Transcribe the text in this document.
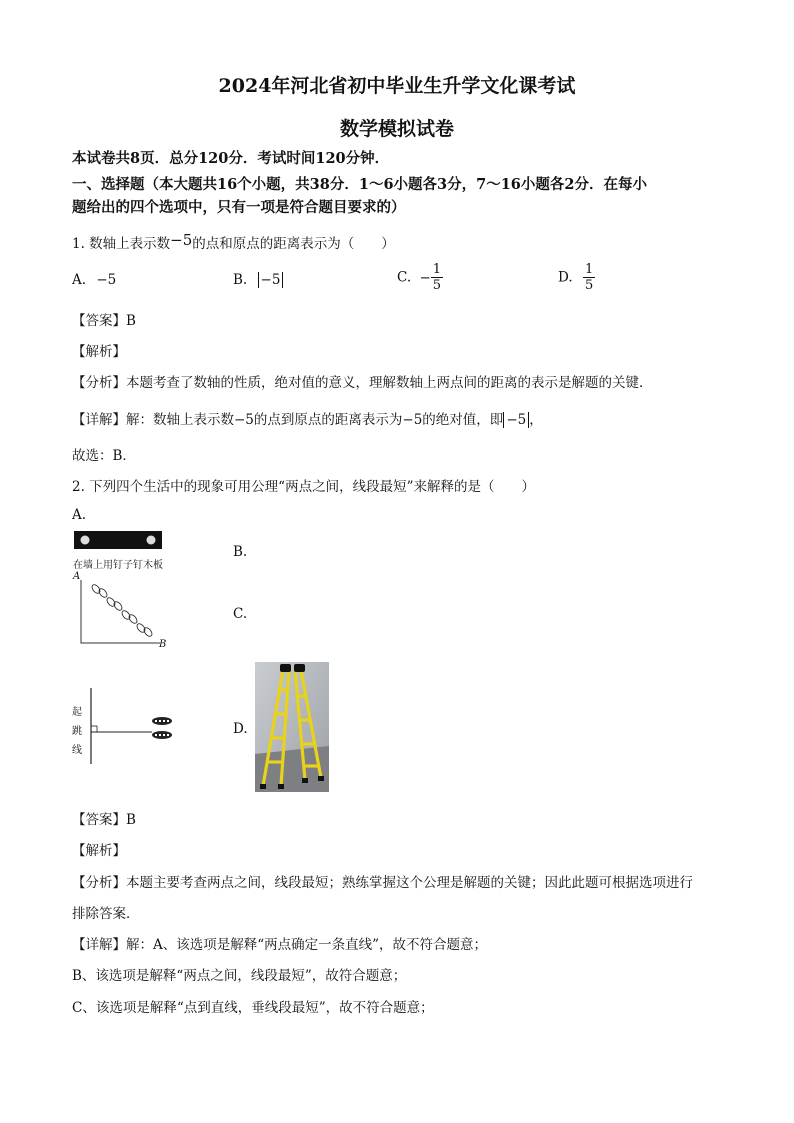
2024年河北省初中毕业生升学文化课考试
数学模拟试卷
本试卷共8页．总分120分．考试时间120分钟．
一、选择题（本大题共16个小题，共38分．1～6小题各3分，7～16小题各2分．在每小
题给出的四个选项中，只有一项是符合题目要求的）
1. 数轴上表示数−5的点和原点的距离表示为（　　）
A. −5	B. −5	C. − $\frac{1}{5}$	D. $\frac{1}{5}$
【答案】B
【解析】
【分析】本题考查了数轴的性质，绝对值的意义，理解数轴上两点间的距离的表示是解题的关键．
【详解】解：数轴上表示数−5的点到原点的距离表示为−5的绝对值，即 −5 ，
故选：B．
2. 下列四个生活中的现象可用公理“两点之间，线段最短”来解释的是（　　）
A.
在墙上用钉子钉木板
B.
A
B
C.
起
跳
线
D.
【答案】B
【解析】
【分析】本题主要考查两点之间，线段最短；熟练掌握这个公理是解题的关键；因此此题可根据选项进行
排除答案．
【详解】解：A、该选项是解释“两点确定一条直线”，故不符合题意；
B、该选项是解释“两点之间，线段最短”，故符合题意；
C、该选项是解释“点到直线，垂线段最短”，故不符合题意；
